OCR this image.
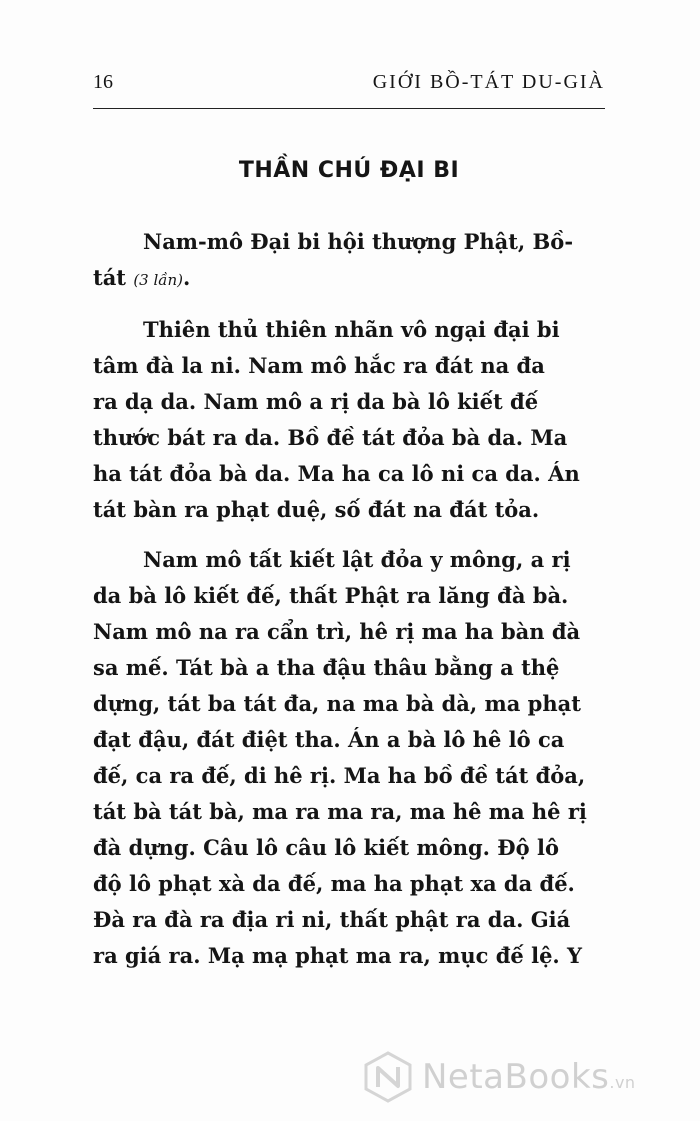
16	GIỚI BỒ-TÁT DU-GIÀ
THẦN CHÚ ĐẠI BI

Nam-mô Đại bi hội thượng Phật, Bồ-
tát (3 lần).

Thiên thủ thiên nhãn vô ngại đại bi
tâm đà la ni. Nam mô hắc ra đát na đa
ra dạ da. Nam mô a rị da bà lô kiết đế
thước bát ra da. Bồ đề tát đỏa bà da. Ma
ha tát đỏa bà da. Ma ha ca lô ni ca da. Án
tát bàn ra phạt duệ, số đát na đát tỏa.

Nam mô tất kiết lật đỏa y mông, a rị
da bà lô kiết đế, thất Phật ra lăng đà bà.
Nam mô na ra cẩn trì, hê rị ma ha bàn đà
sa mế. Tát bà a tha đậu thâu bằng a thệ
dựng, tát ba tát đa, na ma bà dà, ma phạt
đạt đậu, đát điệt tha. Án a bà lô hê lô ca
đế, ca ra đế, di hê rị. Ma ha bồ đề tát đỏa,
tát bà tát bà, ma ra ma ra, ma hê ma hê rị
đà dựng. Câu lô câu lô kiết mông. Độ lô
độ lô phạt xà da đế, ma ha phạt xa da đế.
Đà ra đà ra địa ri ni, thất phật ra da. Giá
ra giá ra. Mạ mạ phạt ma ra, mục đế lệ. Y

NetaBooks.vn
